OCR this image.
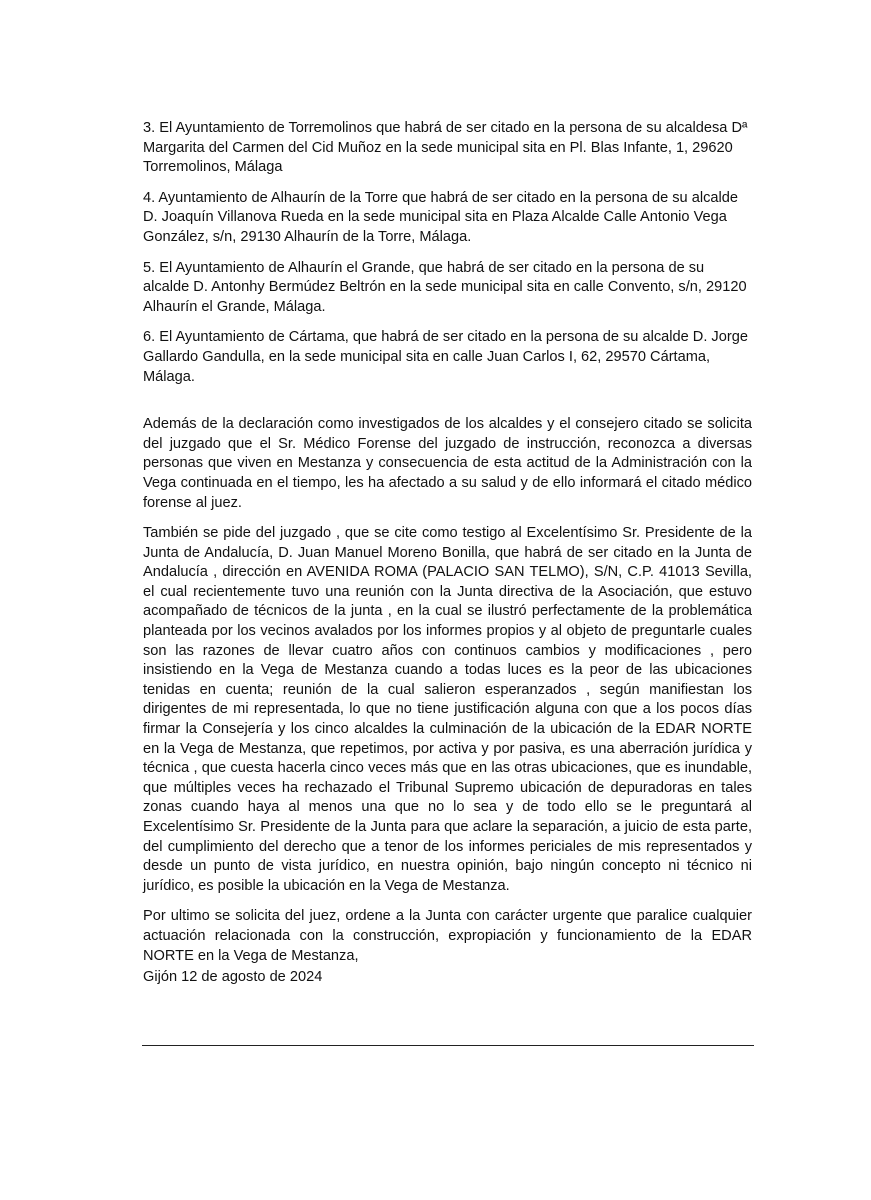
3. El Ayuntamiento de Torremolinos que habrá de ser citado en la persona de su alcaldesa Dª Margarita del Carmen del Cid Muñoz en la sede municipal sita en Pl. Blas Infante, 1, 29620 Torremolinos, Málaga

4. Ayuntamiento de Alhaurín de la Torre que habrá de ser citado en la persona de su alcalde D. Joaquín Villanova Rueda en la sede municipal sita en Plaza Alcalde Calle Antonio Vega González, s/n, 29130 Alhaurín de la Torre, Málaga.

5. El Ayuntamiento de Alhaurín el Grande, que habrá de ser citado en la persona de su alcalde D. Antonhy Bermúdez Beltrón en la sede municipal sita en calle Convento, s/n, 29120 Alhaurín el Grande, Málaga.

6. El Ayuntamiento de Cártama, que habrá de ser citado en la persona de su alcalde D. Jorge Gallardo Gandulla, en la sede municipal sita en calle Juan Carlos I, 62, 29570 Cártama, Málaga.

Además de la declaración como investigados de los alcaldes y el consejero citado se solicita del juzgado que el Sr. Médico Forense del juzgado de instrucción, reconozca a diversas personas que viven en Mestanza y consecuencia de esta actitud de la Administración con la Vega continuada en el tiempo, les ha afectado a su salud y de ello informará el citado médico forense al juez.

También se pide del juzgado , que se cite como testigo al Excelentísimo Sr. Presidente de la Junta de Andalucía, D. Juan Manuel Moreno Bonilla, que habrá de ser citado en la Junta de Andalucía , dirección en AVENIDA ROMA (PALACIO SAN TELMO), S/N, C.P. 41013 Sevilla, el cual recientemente tuvo una reunión con la Junta directiva de la Asociación, que estuvo acompañado de técnicos de la junta , en la cual se ilustró perfectamente de la problemática planteada por los vecinos avalados por los informes propios y al objeto de preguntarle cuales son las razones de llevar cuatro años con continuos cambios y modificaciones , pero insistiendo en la Vega de Mestanza cuando a todas luces es la peor de las ubicaciones tenidas en cuenta; reunión de la cual salieron esperanzados , según manifiestan los dirigentes de mi representada, lo que no tiene justificación alguna con que a los pocos días firmar la Consejería y los cinco alcaldes la culminación de la ubicación de la EDAR NORTE en la Vega de Mestanza, que repetimos, por activa y por pasiva, es una aberración jurídica y técnica , que cuesta hacerla cinco veces más que en las otras ubicaciones, que es inundable, que múltiples veces ha rechazado el Tribunal Supremo ubicación de depuradoras en tales zonas cuando haya al menos una que no lo sea y de todo ello se le preguntará al Excelentísimo Sr. Presidente de la Junta para que aclare la separación, a juicio de esta parte, del cumplimiento del derecho que a tenor de los informes periciales de mis representados y desde un punto de vista jurídico, en nuestra opinión, bajo ningún concepto ni técnico ni jurídico, es posible la ubicación en la Vega de Mestanza.

Por ultimo se solicita del juez, ordene a la Junta con carácter urgente que paralice cualquier actuación relacionada con la construcción, expropiación y funcionamiento de la EDAR NORTE en la Vega de Mestanza,

Gijón 12 de agosto de 2024
